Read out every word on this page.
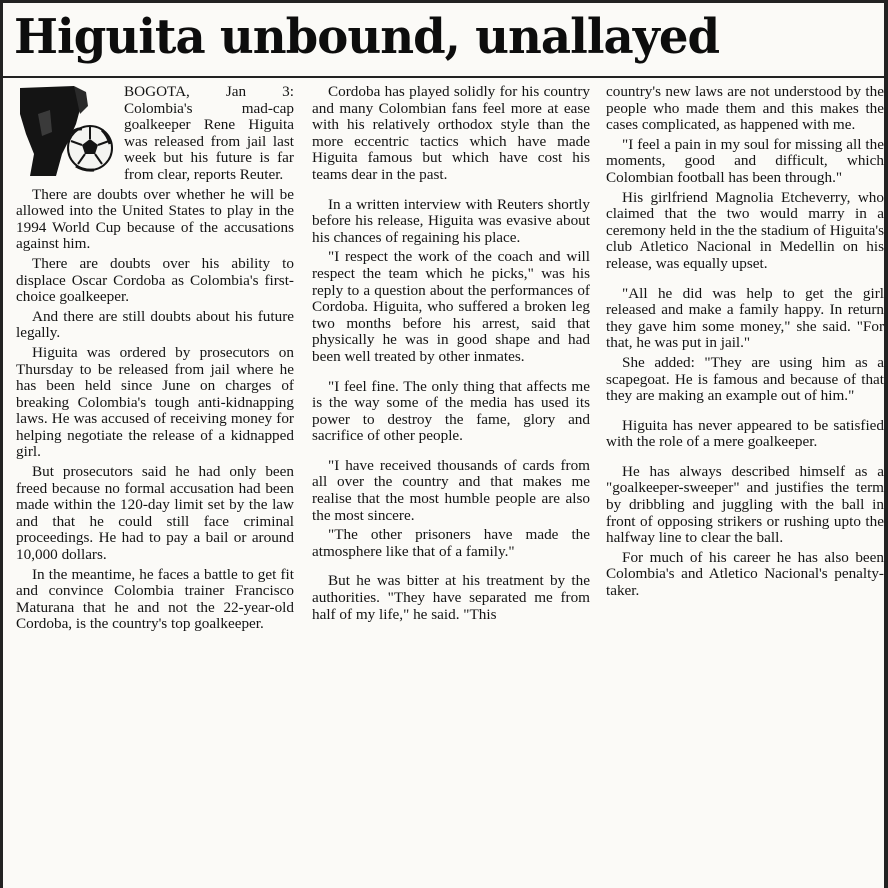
Higuita unbound, unallayed

BOGOTA, Jan 3: Colombia's mad-cap goalkeeper Rene Higuita was released from jail last week but his future is far from clear, reports Reuter.

There are doubts over whether he will be allowed into the United States to play in the 1994 World Cup because of the accusations against him.

There are doubts over his ability to displace Oscar Cordoba as Colombia's first-choice goalkeeper.

And there are still doubts about his future legally.

Higuita was ordered by prosecutors on Thursday to be released from jail where he has been held since June on charges of breaking Colombia's tough anti-kidnapping laws. He was accused of receiving money for helping negotiate the release of a kidnapped girl.

But prosecutors said he had only been freed because no formal accusation had been made within the 120-day limit set by the law and that he could still face criminal proceedings. He had to pay a bail or around 10,000 dollars.

In the meantime, he faces a battle to get fit and convince Colombia trainer Francisco Maturana that he and not the 22-year-old Cordoba, is the country's top goalkeeper.

Cordoba has played solidly for his country and many Colombian fans feel more at ease with his relatively orthodox style than the more eccentric tactics which have made Higuita famous but which have cost his teams dear in the past.

In a written interview with Reuters shortly before his release, Higuita was evasive about his chances of regaining his place.

"I respect the work of the coach and will respect the team which he picks," was his reply to a question about the performances of Cordoba. Higuita, who suffered a broken leg two months before his arrest, said that physically he was in good shape and had been well treated by other inmates.

"I feel fine. The only thing that affects me is the way some of the media has used its power to destroy the fame, glory and sacrifice of other people.

"I have received thousands of cards from all over the country and that makes me realise that the most humble people are also the most sincere.

"The other prisoners have made the atmosphere like that of a family."

But he was bitter at his treatment by the authorities. "They have separated me from half of my life," he said. "This

country's new laws are not understood by the people who made them and this makes the cases complicated, as happened with me.

"I feel a pain in my soul for missing all the moments, good and difficult, which Colombian football has been through."

His girlfriend Magnolia Etcheverry, who claimed that the two would marry in a ceremony held in the the stadium of Higuita's club Atletico Nacional in Medellin on his release, was equally upset.

"All he did was help to get the girl released and make a family happy. In return they gave him some money," she said. "For that, he was put in jail."

She added: "They are using him as a scapegoat. He is famous and because of that they are making an example out of him."

Higuita has never appeared to be satisfied with the role of a mere goalkeeper.

He has always described himself as a "goalkeeper-sweeper" and justifies the term by dribbling and juggling with the ball in front of opposing strikers or rushing upto the halfway line to clear the ball.

For much of his career he has also been Colombia's and Atletico Nacional's penalty-taker.
